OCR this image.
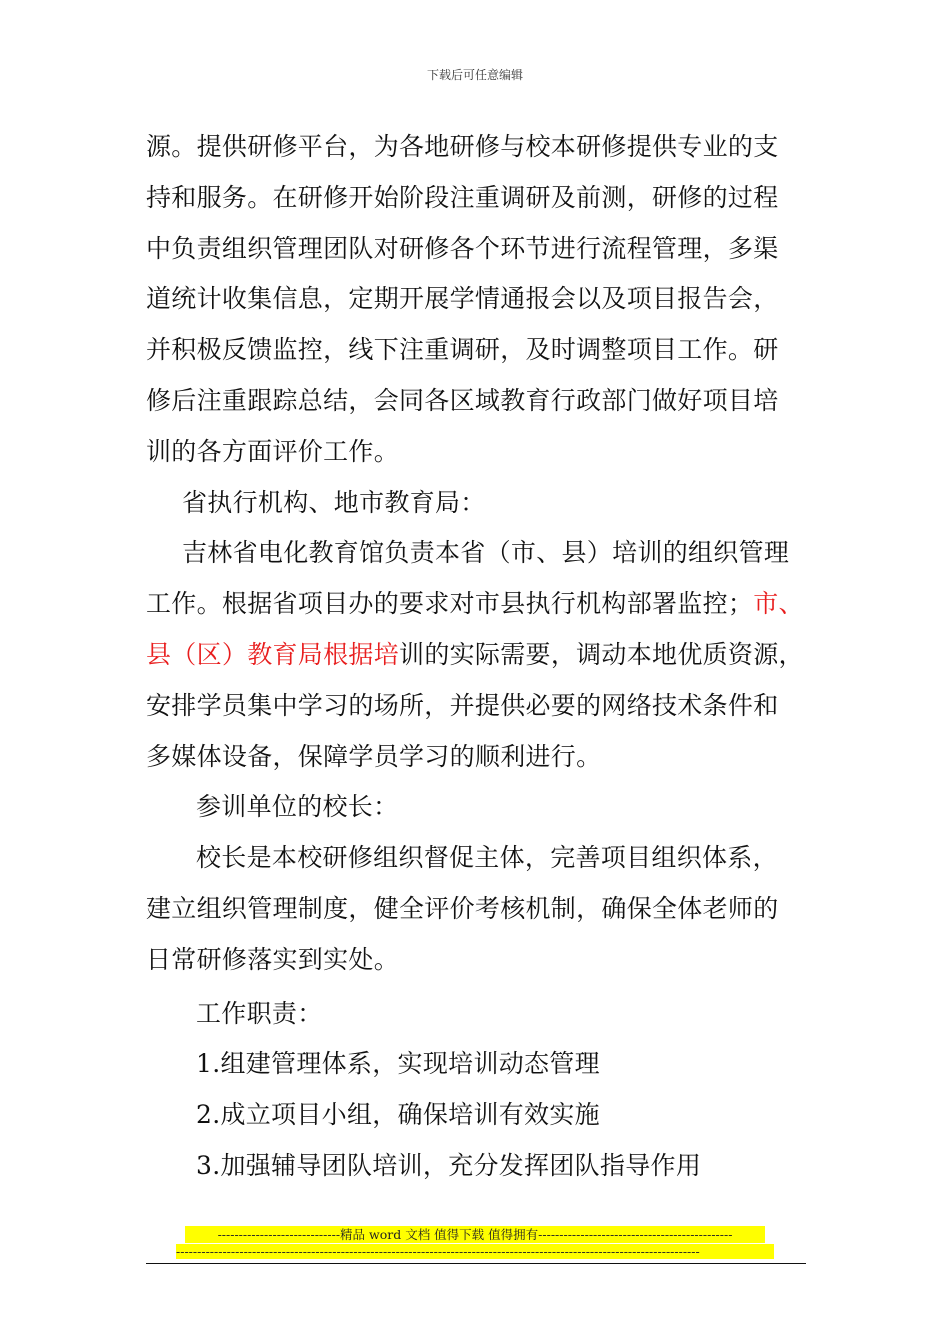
下载后可任意编辑
源。提供研修平台，为各地研修与校本研修提供专业的支
持和服务。在研修开始阶段注重调研及前测，研修的过程
中负责组织管理团队对研修各个环节进行流程管理，多渠
道统计收集信息，定期开展学情通报会以及项目报告会，
并积极反馈监控，线下注重调研，及时调整项目工作。研
修后注重跟踪总结，会同各区域教育行政部门做好项目培
训的各方面评价工作。
省执行机构、地市教育局：
吉林省电化教育馆负责本省（市、县）培训的组织管理
工作。根据省项目办的要求对市县执行机构部署监控；市、
县（区）教育局根据培训的实际需要，调动本地优质资源，
安排学员集中学习的场所，并提供必要的网络技术条件和
多媒体设备，保障学员学习的顺利进行。
参训单位的校长：
校长是本校研修组织督促主体，完善项目组织体系，
建立组织管理制度，健全评价考核机制，确保全体老师的
日常研修落实到实处。
工作职责：
1.组建管理体系，实现培训动态管理
2.成立项目小组，确保培训有效实施
3.加强辅导团队培训，充分发挥团队指导作用
-----------------------------精品 word 文档 值得下载 值得拥有----------------------------------------------
----------------------------------------------------------------------------------------------------------------------------
